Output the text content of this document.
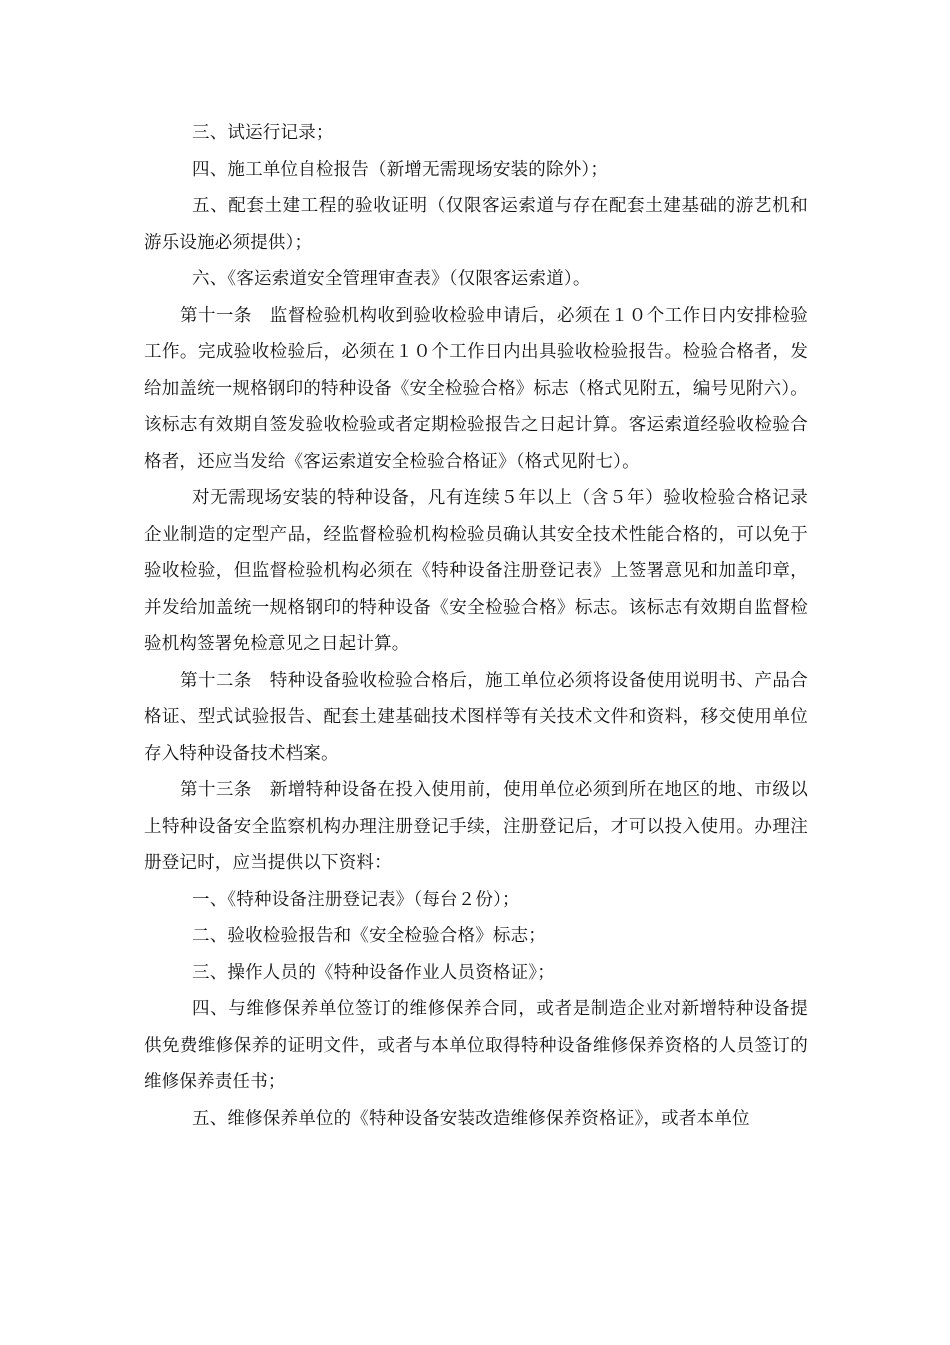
三、试运行记录；

四、施工单位自检报告（新增无需现场安装的除外）；

五、配套土建工程的验收证明（仅限客运索道与存在配套土建基础的游艺机和游乐设施必须提供）；

六、《客运索道安全管理审查表》（仅限客运索道）。

第十一条　监督检验机构收到验收检验申请后，必须在１０个工作日内安排检验工作。完成验收检验后，必须在１０个工作日内出具验收检验报告。检验合格者，发给加盖统一规格钢印的特种设备《安全检验合格》标志（格式见附五，编号见附六）。该标志有效期自签发验收检验或者定期检验报告之日起计算。客运索道经验收检验合格者，还应当发给《客运索道安全检验合格证》（格式见附七）。

对无需现场安装的特种设备，凡有连续５年以上（含５年）验收检验合格记录企业制造的定型产品，经监督检验机构检验员确认其安全技术性能合格的，可以免于验收检验，但监督检验机构必须在《特种设备注册登记表》上签署意见和加盖印章，并发给加盖统一规格钢印的特种设备《安全检验合格》标志。该标志有效期自监督检验机构签署免检意见之日起计算。

第十二条　特种设备验收检验合格后，施工单位必须将设备使用说明书、产品合格证、型式试验报告、配套土建基础技术图样等有关技术文件和资料，移交使用单位存入特种设备技术档案。

第十三条　新增特种设备在投入使用前，使用单位必须到所在地区的地、市级以上特种设备安全监察机构办理注册登记手续，注册登记后，才可以投入使用。办理注册登记时，应当提供以下资料：

一、《特种设备注册登记表》（每台２份）；

二、验收检验报告和《安全检验合格》标志；

三、操作人员的《特种设备作业人员资格证》；

四、与维修保养单位签订的维修保养合同，或者是制造企业对新增特种设备提供免费维修保养的证明文件，或者与本单位取得特种设备维修保养资格的人员签订的维修保养责任书；

五、维修保养单位的《特种设备安装改造维修保养资格证》，或者本单位
